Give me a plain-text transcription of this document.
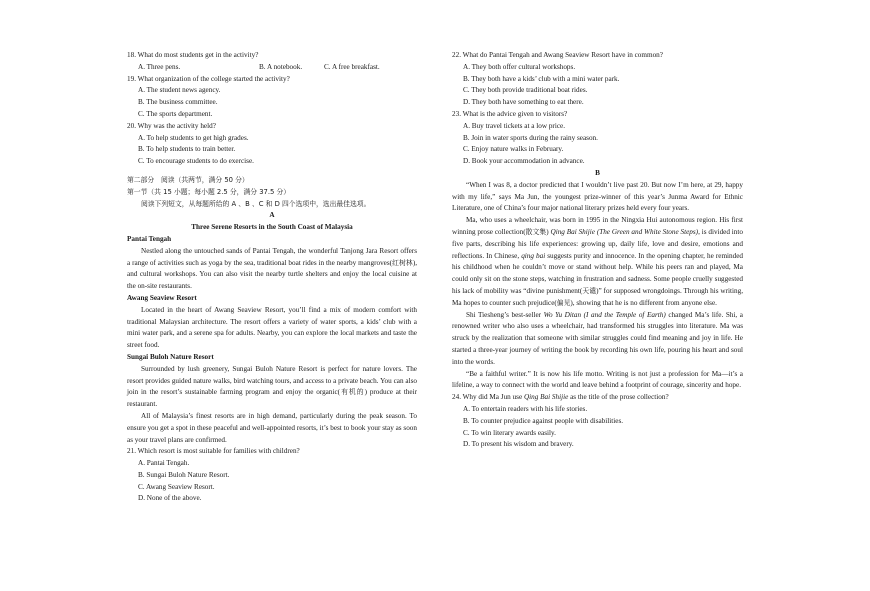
18. What do most students get in the activity?
A. Three pens.	B. A notebook.	C. A free breakfast.
19. What organization of the college started the activity?
A. The student news agency.
B. The business committee.
C. The sports department.
20. Why was the activity held?
A. To help students to get high grades.
B. To help students to train better.
C. To encourage students to do exercise.
第二部分　阅读（共两节，满分 50 分）
第一节（共 15 小题；每小题 2.5 分，满分 37.5 分）
阅读下列短文，从每题所给的 A 、B 、C 和 D 四个选项中，选出最佳选项。
A
Three Serene Resorts in the South Coast of Malaysia
Pantai Tengah

Nestled along the untouched sands of Pantai Tengah, the wonderful Tanjong Jara Resort offers a range of activities such as yoga by the sea, traditional boat rides in the nearby mangroves(红树林), and cultural workshops. You can also visit the nearby turtle shelters and enjoy the local cuisine at the on-site restaurants.

Awang Seaview Resort

Located in the heart of Awang Seaview Resort, you’ll find a mix of modern comfort with traditional Malaysian architecture. The resort offers a variety of water sports, a kids’ club with a mini water park, and a serene spa for adults. Nearby, you can explore the local markets and taste the street food.

Sungai Buloh Nature Resort

Surrounded by lush greenery, Sungai Buloh Nature Resort is perfect for nature lovers. The resort provides guided nature walks, bird watching tours, and access to a private beach. You can also join in the resort’s sustainable farming program and enjoy the organic(有机的) produce at their restaurant.

All of Malaysia’s finest resorts are in high demand, particularly during the peak season. To ensure you get a spot in these peaceful and well-appointed resorts, it’s best to book your stay as soon as your travel plans are confirmed.

21. Which resort is most suitable for families with children?
A. Pantai Tengah.
B. Sungai Buloh Nature Resort.
C. Awang Seaview Resort.
D. None of the above.
22. What do Pantai Tengah and Awang Seaview Resort have in common?
A. They both offer cultural workshops.
B. They both have a kids’ club with a mini water park.
C. They both provide traditional boat rides.
D. They both have something to eat there.
23. What is the advice given to visitors?
A. Buy travel tickets at a low price.
B. Join in water sports during the rainy season.
C. Enjoy nature walks in February.
D. Book your accommodation in advance.
B

“When I was 8, a doctor predicted that I wouldn’t live past 20. But now I’m here, at 29, happy with my life,” says Ma Jun, the youngest prize-winner of this year’s Junma Award for Ethnic Literature, one of China’s four major national literary prizes held every four years.

Ma, who uses a wheelchair, was born in 1995 in the Ningxia Hui autonomous region. His first winning prose collection(散文集) Qing Bai Shijie (The Green and White Stone Steps), is divided into five parts, describing his life experiences: growing up, daily life, love and desire, emotions and reflections. In Chinese, qing bai suggests purity and innocence. In the opening chapter, he reminded his childhood when he couldn’t move or stand without help. While his peers ran and played, Ma could only sit on the stone steps, watching in frustration and sadness. Some people cruelly suggested his lack of mobility was “divine punishment(天谴)” for supposed wrongdoings. Through his writing, Ma hopes to counter such prejudice(偏见), showing that he is no different from anyone else.

Shi Tiesheng’s best-seller Wo Yu Ditan (I and the Temple of Earth) changed Ma’s life. Shi, a renowned writer who also uses a wheelchair, had transformed his struggles into literature. Ma was struck by the realization that someone with similar struggles could find meaning and joy in life. He started a three-year journey of writing the book by recording his own life, pouring his heart and soul into the words.

“Be a faithful writer.” It is now his life motto. Writing is not just a profession for Ma—it’s a lifeline, a way to connect with the world and leave behind a footprint of courage, sincerity and hope.

24. Why did Ma Jun use Qing Bai Shijie as the title of the prose collection?
A. To entertain readers with his life stories.
B. To counter prejudice against people with disabilities.
C. To win literary awards easily.
D. To present his wisdom and bravery.
